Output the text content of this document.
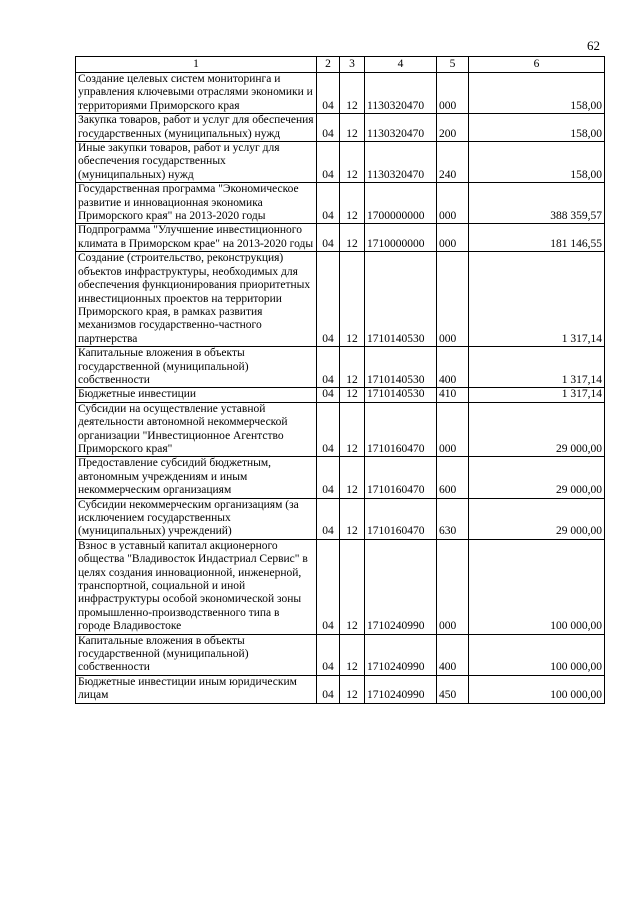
62
1	2	3	4	5	6
Создание целевых систем мониторинга и управления ключевыми отраслями экономики и территориями Приморского края	04	12	1130320470	000	158,00
Закупка товаров, работ и услуг для обеспечения государственных (муниципальных) нужд	04	12	1130320470	200	158,00
Иные закупки товаров, работ и услуг для обеспечения государственных (муниципальных) нужд	04	12	1130320470	240	158,00
Государственная программа "Экономическое развитие и инновационная экономика Приморского края" на 2013-2020 годы	04	12	1700000000	000	388 359,57
Подпрограмма "Улучшение инвестиционного климата в Приморском крае" на 2013-2020 годы	04	12	1710000000	000	181 146,55
Создание (строительство, реконструкция) объектов инфраструктуры, необходимых для обеспечения функционирования приоритетных инвестиционных проектов на территории Приморского края, в рамках развития механизмов государственно-частного партнерства	04	12	1710140530	000	1 317,14
Капитальные вложения в объекты государственной (муниципальной) собственности	04	12	1710140530	400	1 317,14
Бюджетные инвестиции	04	12	1710140530	410	1 317,14
Субсидии на осуществление уставной деятельности автономной некоммерческой организации "Инвестиционное Агентство Приморского края"	04	12	1710160470	000	29 000,00
Предоставление субсидий бюджетным, автономным учреждениям и иным некоммерческим организациям	04	12	1710160470	600	29 000,00
Субсидии некоммерческим организациям (за исключением государственных (муниципальных) учреждений)	04	12	1710160470	630	29 000,00
Взнос в уставный капитал акционерного общества "Владивосток Индастриал Сервис" в целях создания инновационной, инженерной, транспортной, социальной и иной инфраструктуры особой экономической зоны промышленно-производственного типа в городе Владивостоке	04	12	1710240990	000	100 000,00
Капитальные вложения в объекты государственной (муниципальной) собственности	04	12	1710240990	400	100 000,00
Бюджетные инвестиции иным юридическим лицам	04	12	1710240990	450	100 000,00
